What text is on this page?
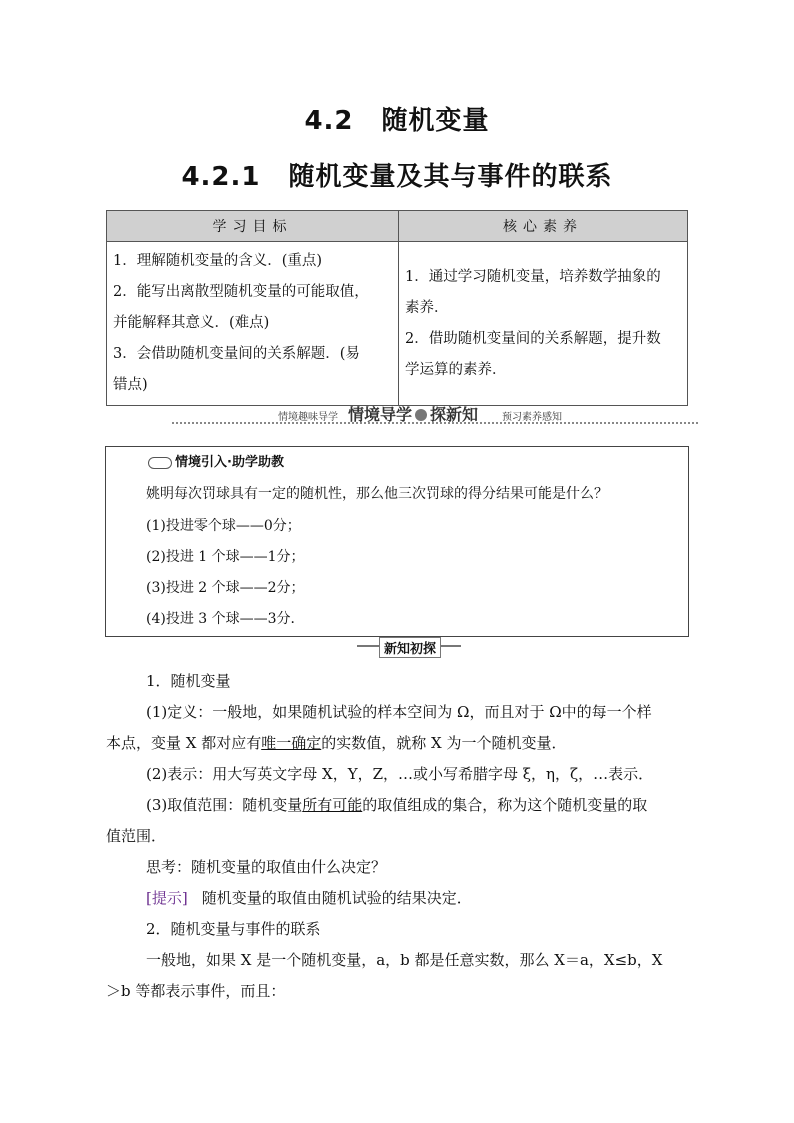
4.2 随机变量
4.2.1 随机变量及其与事件的联系
学习目标	核心素养

1．理解随机变量的含义．(重点)
2．能写出离散型随机变量的可能取值，
并能解释其意义．(难点)
3．会借助随机变量间的关系解题．(易
错点)	1．通过学习随机变量，培养数学抽象的
素养．
2．借助随机变量间的关系解题，提升数
学运算的素养．
情境趣味导学 情境导学 探新知 预习素养感知
情境引入·助学助教
姚明每次罚球具有一定的随机性，那么他三次罚球的得分结果可能是什么？
(1)投进零个球——0分；
(2)投进 1 个球——1分；
(3)投进 2 个球——2分；
(4)投进 3 个球——3分．
新知初探
1．随机变量
(1)定义：一般地，如果随机试验的样本空间为 Ω，而且对于 Ω中的每一个样
本点，变量 X 都对应有唯一确定的实数值，就称 X 为一个随机变量．
(2)表示：用大写英文字母 X，Y，Z，…或小写希腊字母 ξ，η，ζ，…表示．
(3)取值范围：随机变量所有可能的取值组成的集合，称为这个随机变量的取
值范围．
思考：随机变量的取值由什么决定？
[提示] 随机变量的取值由随机试验的结果决定．
2．随机变量与事件的联系
一般地，如果 X 是一个随机变量，a，b 都是任意实数，那么 X＝a，X≤b，X
＞b 等都表示事件，而且：
